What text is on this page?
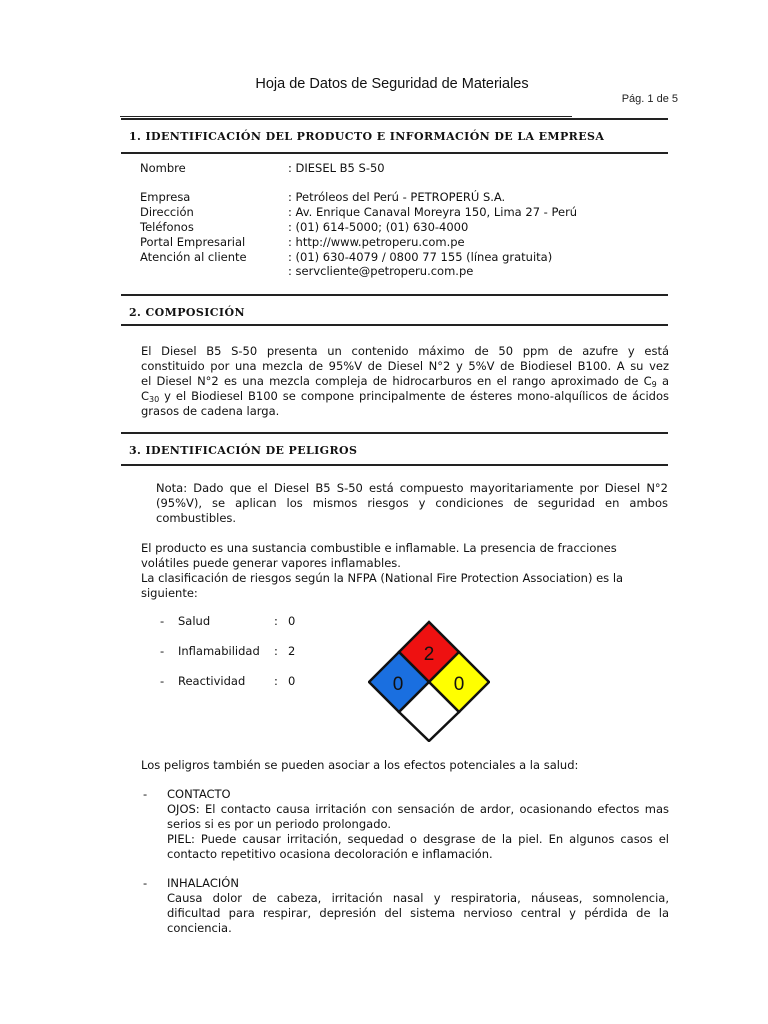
Hoja de Datos de Seguridad de Materiales
Pág. 1 de 5
1. IDENTIFICACIÓN DEL PRODUCTO E INFORMACIÓN DE LA EMPRESA
Nombre	: DIESEL B5 S-50
Empresa	: Petróleos del Perú - PETROPERÚ S.A.
Dirección	: Av. Enrique Canaval Moreyra 150, Lima 27 - Perú
Teléfonos	: (01) 614-5000; (01) 630-4000
Portal Empresarial	: http://www.petroperu.com.pe
Atención al cliente	: (01) 630-4079 / 0800 77 155 (línea gratuita)
: servcliente@petroperu.com.pe
2. COMPOSICIÓN
El Diesel B5 S-50 presenta un contenido máximo de 50 ppm de azufre y está
constituido por una mezcla de 95%V de Diesel N°2 y 5%V de Biodiesel B100. A su vez
el Diesel N°2 es una mezcla compleja de hidrocarburos en el rango aproximado de $C_9$ a
$C_{30}$ y el Biodiesel B100 se compone principalmente de ésteres mono-alquílicos de ácidos
grasos de cadena larga.
3. IDENTIFICACIÓN DE PELIGROS
Nota: Dado que el Diesel B5 S-50 está compuesto mayoritariamente por Diesel N°2
(95%V), se aplican los mismos riesgos y condiciones de seguridad en ambos
combustibles.
El producto es una sustancia combustible e inflamable. La presencia de fracciones
volátiles puede generar vapores inflamables.
La clasificación de riesgos según la NFPA (National Fire Protection Association) es la
siguiente:
- Salud	: 0
- Inflamabilidad : 2
- Reactividad : 0
2
0	0
Los peligros también se pueden asociar a los efectos potenciales a la salud:
- CONTACTO
OJOS: El contacto causa irritación con sensación de ardor, ocasionando efectos mas
serios si es por un periodo prolongado.
PIEL: Puede causar irritación, sequedad o desgrase de la piel. En algunos casos el
contacto repetitivo ocasiona decoloración e inflamación.
- INHALACIÓN
Causa dolor de cabeza, irritación nasal y respiratoria, náuseas, somnolencia,
dificultad para respirar, depresión del sistema nervioso central y pérdida de la
conciencia.
